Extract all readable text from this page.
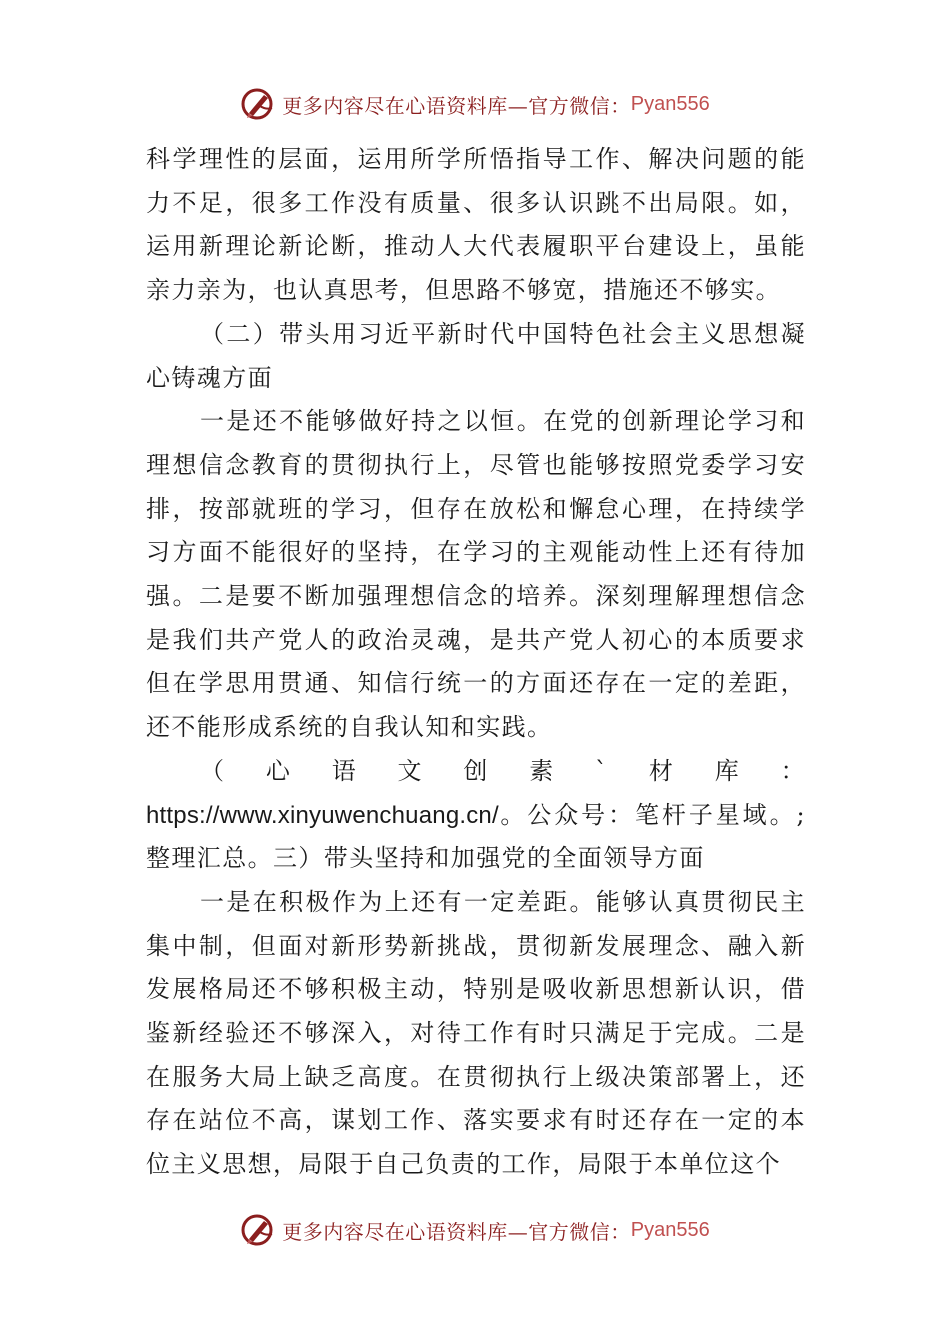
更多内容尽在心语资料库—官方微信： Pyan556

科学理性的层面，运用所学所悟指导工作、解决问题的能力不足，很多工作没有质量、很多认识跳不出局限。如，运用新理论新论断，推动人大代表履职平台建设上，虽能亲力亲为，也认真思考，但思路不够宽，措施还不够实。

（二）带头用习近平新时代中国特色社会主义思想凝心铸魂方面

一是还不能够做好持之以恒。在党的创新理论学习和理想信念教育的贯彻执行上，尽管也能够按照党委学习安排，按部就班的学习，但存在放松和懈怠心理，在持续学习方面不能很好的坚持，在学习的主观能动性上还有待加强。二是要不断加强理想信念的培养。深刻理解理想信念是我们共产党人的政治灵魂，是共产党人初心的本质要求但在学思用贯通、知信行统一的方面还存在一定的差距，还不能形成系统的自我认知和实践。

（心语文创素`材库：https://www.xinyuwenchuang.cn/。公众号：笔杆子星域。;整理汇总。三）带头坚持和加强党的全面领导方面

一是在积极作为上还有一定差距。能够认真贯彻民主集中制，但面对新形势新挑战，贯彻新发展理念、融入新发展格局还不够积极主动，特别是吸收新思想新认识，借鉴新经验还不够深入，对待工作有时只满足于完成。二是在服务大局上缺乏高度。在贯彻执行上级决策部署上，还存在站位不高，谋划工作、落实要求有时还存在一定的本位主义思想，局限于自己负责的工作，局限于本单位这个

更多内容尽在心语资料库—官方微信： Pyan556
